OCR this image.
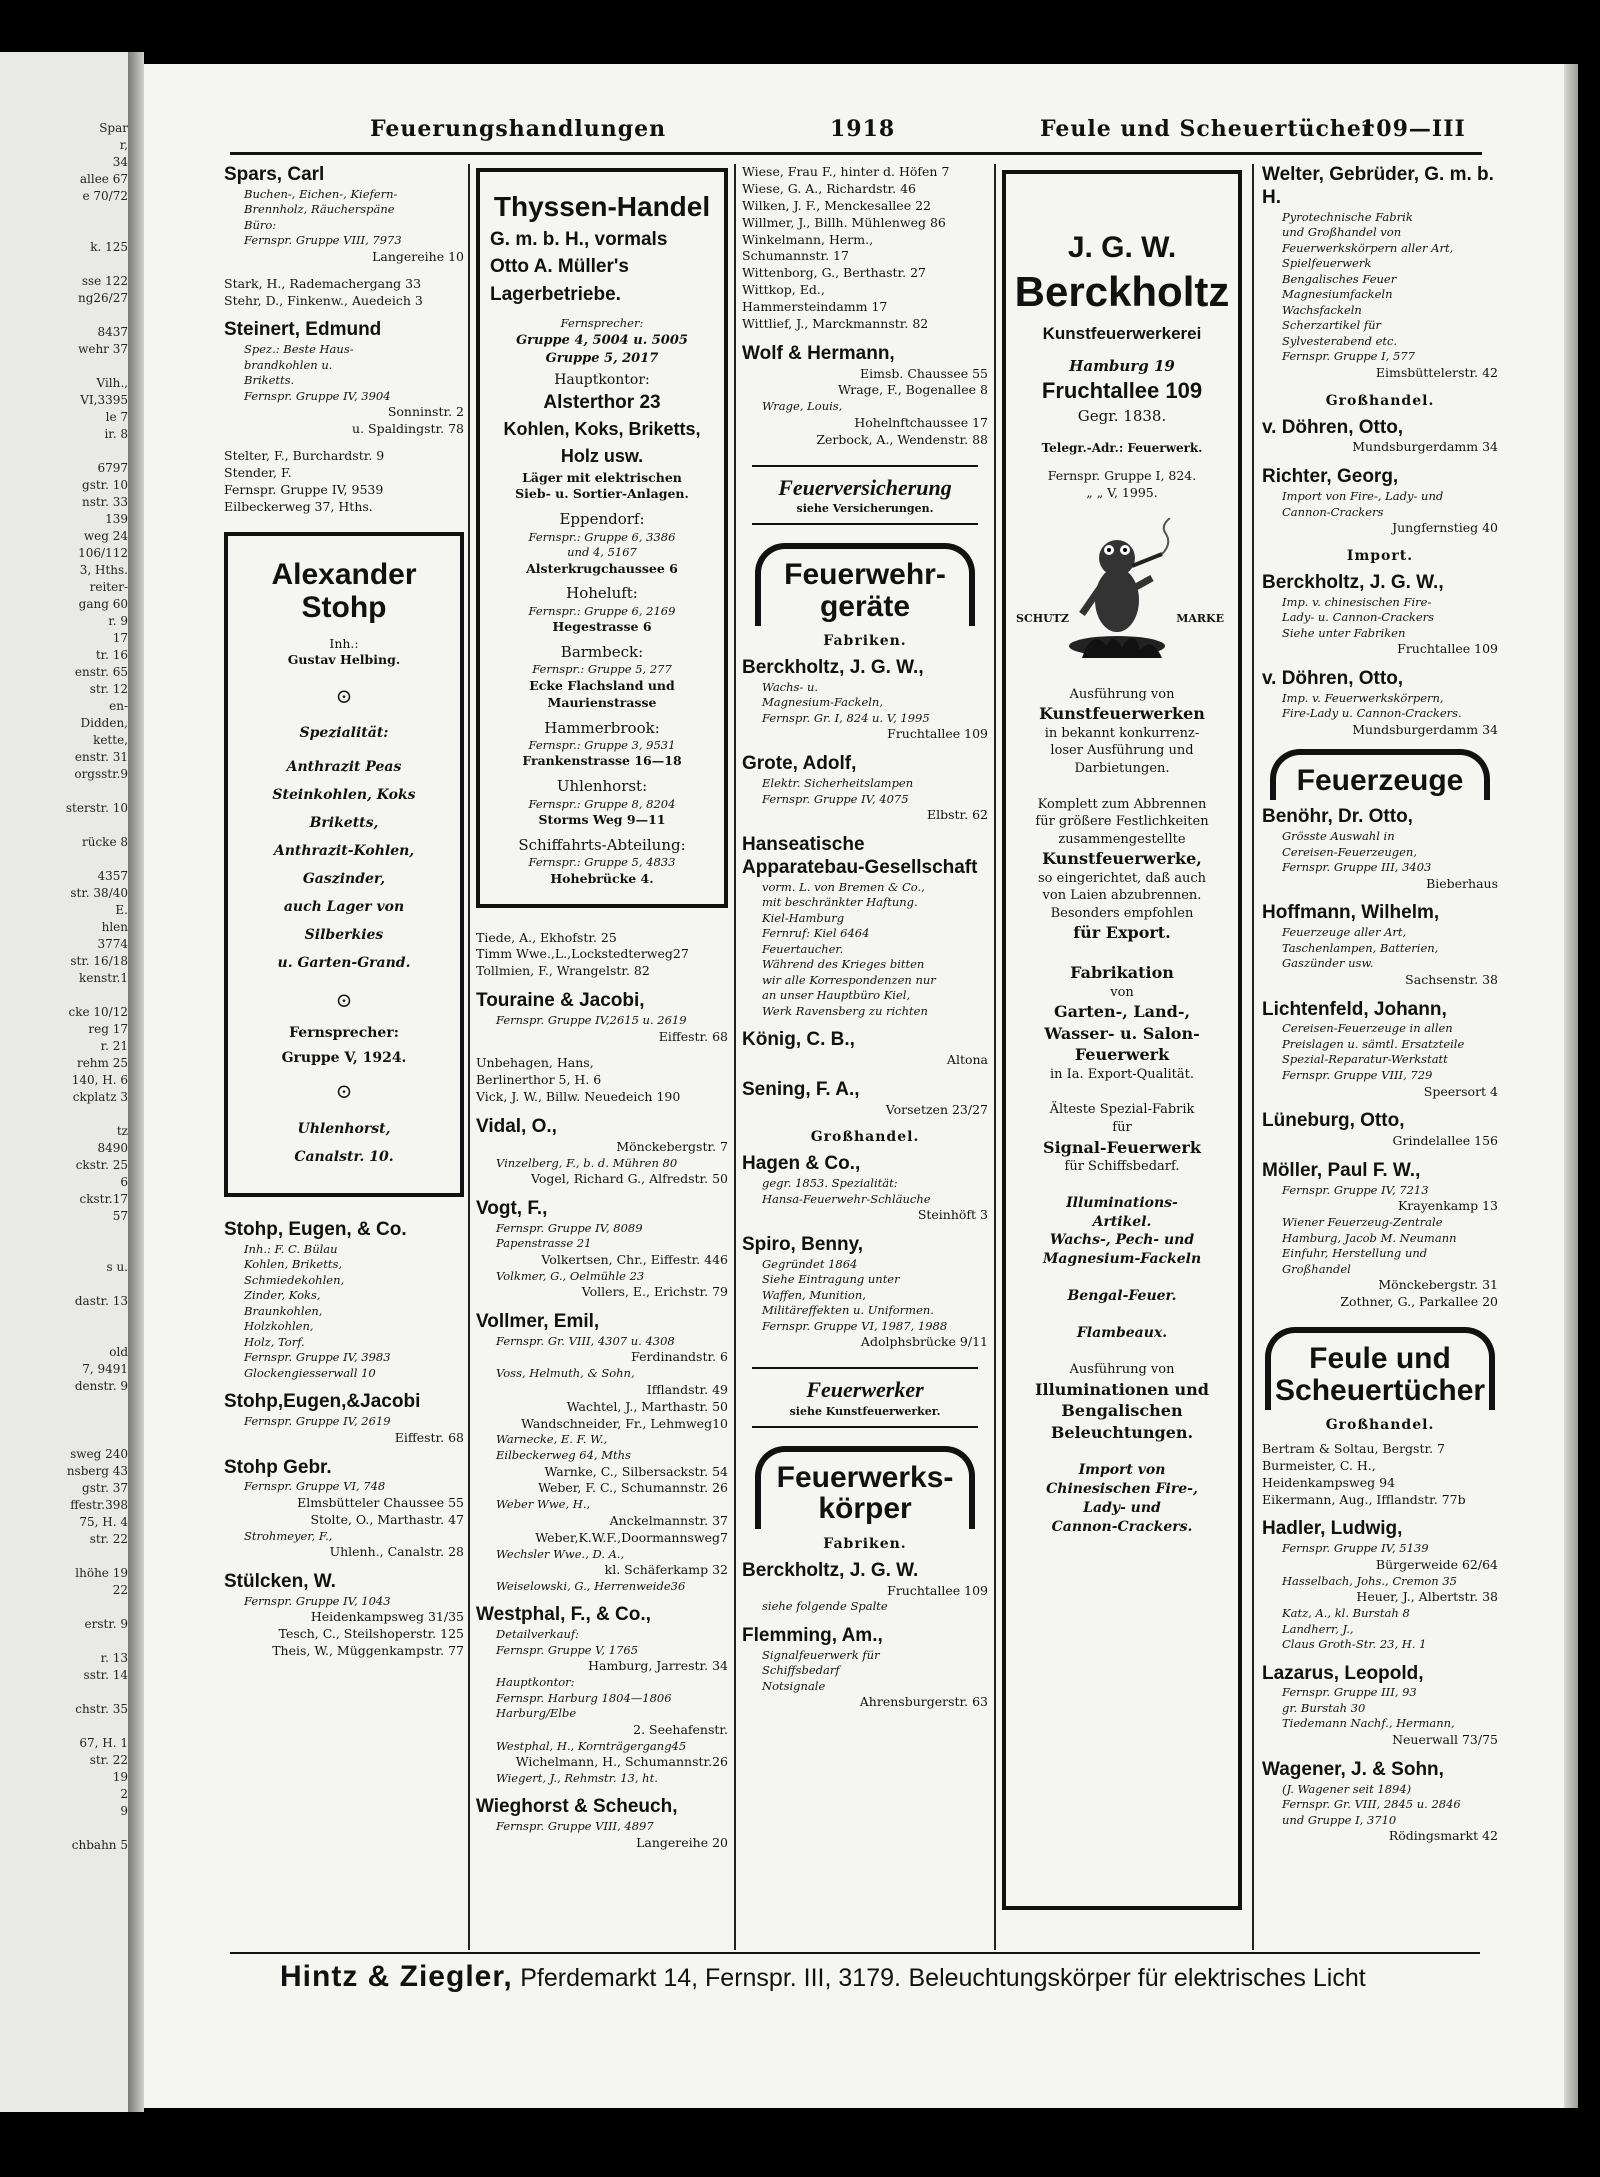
Spar
r,
34
allee 67
e 70/72
k. 125
sse 122
ng26/27
8437
wehr 37
Vilh.,
VI,3395
le 7
ir. 8
6797
gstr. 10
nstr. 33
139
weg 24
106/112
3, Hths.
reiter-
gang 60
r. 9
17
tr. 16
enstr. 65
str. 12
en-
Didden,
kette,
enstr. 31
orgsstr.9
sterstr. 10
rücke 8
4357
str. 38/40
E.
hlen
3774
str. 16/18
kenstr.1
cke 10/12
reg 17
r. 21
rehm 25
140, H. 6
ckplatz 3
tz
8490
ckstr. 25
6
ckstr.17
57
s u.
dastr. 13
old
7, 9491
denstr. 9
sweg 240
nsberg 43
gstr. 37
ffestr.398
75, H. 4
str. 22
lhöhe 19
22
erstr. 9
r. 13
sstr. 14
chstr. 35
67, H. 1
str. 22
19
2
9
chbahn 5
Feuerungshandlungen	1918	Feule und Scheuertücher
109—III
Spars, Carl
Buchen-, Eichen-, Kiefern-
Brennholz, Räucherspäne
Büro:
Fernspr. Gruppe VIII, 7973
Langereihe 10
Stark, H., Rademachergang 33
Stehr, D., Finkenw., Auedeich 3
Steinert, Edmund
Spez.: Beste Haus-
brandkohlen u.
Briketts.
Fernspr. Gruppe IV, 3904
Sonninstr. 2
u. Spaldingstr. 78
Stelter, F., Burchardstr. 9
Stender, F.
Fernspr. Gruppe IV, 9539
Eilbeckerweg 37, Hths.
Alexander Stohp
Inh.:
Gustav Helbing.
⊙
Spezialität:
Anthrazit Peas
Steinkohlen, Koks
Briketts,
Anthrazit-Kohlen,
Gaszinder,
auch Lager von
Silberkies
u. Garten-Grand.
⊙
Fernsprecher:
Gruppe V, 1924.
⊙
Uhlenhorst,
Canalstr. 10.
Stohp, Eugen, & Co.
Inh.: F. C. Bülau
Kohlen, Briketts,
Schmiedekohlen,
Zinder, Koks,
Braunkohlen,
Holzkohlen,
Holz, Torf.
Fernspr. Gruppe IV, 3983
Glockengiesserwall 10
Stohp,Eugen,&Jacobi
Fernspr. Gruppe IV, 2619
Eiffestr. 68
Stohp Gebr.
Fernspr. Gruppe VI, 748
Elmsbütteler Chaussee 55
Stolte, O., Marthastr. 47
Strohmeyer, F.,
Uhlenh., Canalstr. 28
Stülcken, W.
Fernspr. Gruppe IV, 1043
Heidenkampsweg 31/35
Tesch, C., Steilshoperstr. 125
Theis, W., Müggenkampstr. 77
Thyssen-Handel
G. m. b. H., vormals
Otto A. Müller's
Lagerbetriebe.
Fernsprecher:
Gruppe 4, 5004 u. 5005
Gruppe 5, 2017
Hauptkontor:
Alsterthor 23
Kohlen, Koks, Briketts,
Holz usw.
Läger mit elektrischen
Sieb- u. Sortier-Anlagen.
Eppendorf:
Fernspr.: Gruppe 6, 3386
und 4, 5167
Alsterkrugchaussee 6
Hoheluft:
Fernspr.: Gruppe 6, 2169
Hegestrasse 6
Barmbeck:
Fernspr.: Gruppe 5, 277
Ecke Flachsland und Maurienstrasse
Hammerbrook:
Fernspr.: Gruppe 3, 9531
Frankenstrasse 16—18
Uhlenhorst:
Fernspr.: Gruppe 8, 8204
Storms Weg 9—11
Schiffahrts-Abteilung:
Fernspr.: Gruppe 5, 4833
Hohebrücke 4.
Tiede, A., Ekhofstr. 25
Timm Wwe.,L.,Lockstedterweg27
Tollmien, F., Wrangelstr. 82
Touraine & Jacobi,
Fernspr. Gruppe IV,2615 u. 2619
Eiffestr. 68
Unbehagen, Hans,
Berlinerthor 5, H. 6
Vick, J. W., Billw. Neuedeich 190
Vidal, O.,
Mönckebergstr. 7
Vinzelberg, F., b. d. Mühren 80
Vogel, Richard G., Alfredstr. 50
Vogt, F.,
Fernspr. Gruppe IV, 8089
Papenstrasse 21
Volkertsen, Chr., Eiffestr. 446
Volkmer, G., Oelmühle 23
Vollers, E., Erichstr. 79
Vollmer, Emil,
Fernspr. Gr. VIII, 4307 u. 4308
Ferdinandstr. 6
Voss, Helmuth, & Sohn,
Ifflandstr. 49
Wachtel, J., Marthastr. 50
Wandschneider, Fr., Lehmweg10
Warnecke, E. F. W.,
Eilbeckerweg 64, Mths
Warnke, C., Silbersackstr. 54
Weber, F. C., Schumannstr. 26
Weber Wwe, H.,
Anckelmannstr. 37
Weber,K.W.F.,Doormannsweg7
Wechsler Wwe., D. A.,
kl. Schäferkamp 32
Weiselowski, G., Herrenweide36
Westphal, F., & Co.,
Detailverkauf:
Fernspr. Gruppe V, 1765
Hamburg, Jarrestr. 34
Hauptkontor:
Fernspr. Harburg 1804—1806
Harburg/Elbe
2. Seehafenstr.
Westphal, H., Kornträgergang45
Wichelmann, H., Schumannstr.26
Wiegert, J., Rehmstr. 13, ht.
Wieghorst & Scheuch,
Fernspr. Gruppe VIII, 4897
Langereihe 20
Wiese, Frau F., hinter d. Höfen 7
Wiese, G. A., Richardstr. 46
Wilken, J. F., Menckesallee 22
Willmer, J., Billh. Mühlenweg 86
Winkelmann, Herm.,
Schumannstr. 17
Wittenborg, G., Berthastr. 27
Wittkop, Ed.,
Hammersteindamm 17
Wittlief, J., Marckmannstr. 82
Wolf & Hermann,
Eimsb. Chaussee 55
Wrage, F., Bogenallee 8
Wrage, Louis,
Hohelnftchaussee 17
Zerbock, A., Wendenstr. 88
Feuerversicherung
siehe Versicherungen.
Feuerwehr- geräte
Fabriken.
Berckholtz, J. G. W.,
Wachs- u.
Magnesium-Fackeln,
Fernspr. Gr. I, 824 u. V, 1995
Fruchtallee 109
Grote, Adolf,
Elektr. Sicherheitslampen
Fernspr. Gruppe IV, 4075
Elbstr. 62
Hanseatische Apparatebau-Gesellschaft
vorm. L. von Bremen & Co.,
mit beschränkter Haftung.
Kiel-Hamburg
Fernruf: Kiel 6464
Feuertaucher.
Während des Krieges bitten
wir alle Korrespondenzen nur
an unser Hauptbüro Kiel,
Werk Ravensberg zu richten
König, C. B.,
Altona
Sening, F. A.,
Vorsetzen 23/27
Großhandel.
Hagen & Co.,
gegr. 1853. Spezialität:
Hansa-Feuerwehr-Schläuche
Steinhöft 3
Spiro, Benny,
Gegründet 1864
Siehe Eintragung unter
Waffen, Munition,
Militäreffekten u. Uniformen.
Fernspr. Gruppe VI, 1987, 1988
Adolphsbrücke 9/11
Feuerwerker
siehe Kunstfeuerwerker.
Feuerwerks- körper
Fabriken.
Berckholtz, J. G. W.
Fruchtallee 109
siehe folgende Spalte
Flemming, Am.,
Signalfeuerwerk für
Schiffsbedarf
Notsignale
Ahrensburgerstr. 63
J. G. W.
Berckholtz
Kunstfeuerwerkerei
Hamburg 19
Fruchtallee 109
Gegr. 1838.
Telegr.-Adr.: Feuerwerk.
Fernspr. Gruppe I, 824.
„ „ V, 1995.
SCHUTZ	MARKE
Ausführung von
Kunstfeuerwerken
in bekannt konkurrenz-
loser Ausführung und
Darbietungen.
Komplett zum Abbrennen
für größere Festlichkeiten
zusammengestellte
Kunstfeuerwerke,
so eingerichtet, daß auch
von Laien abzubrennen.
Besonders empfohlen
für Export.
Fabrikation
von
Garten-, Land-,
Wasser- u. Salon-
Feuerwerk
in Ia. Export-Qualität.
Älteste Spezial-Fabrik
für
Signal-Feuerwerk
für Schiffsbedarf.
Illuminations-
Artikel.
Wachs-, Pech- und
Magnesium-Fackeln
Bengal-Feuer.
Flambeaux.
Ausführung von
Illuminationen und
Bengalischen
Beleuchtungen.
Import von
Chinesischen Fire-,
Lady- und
Cannon-Crackers.
Welter, Gebrüder, G. m. b. H.
Pyrotechnische Fabrik
und Großhandel von
Feuerwerkskörpern aller Art,
Spielfeuerwerk
Bengalisches Feuer
Magnesiumfackeln
Wachsfackeln
Scherzartikel für
Sylvesterabend etc.
Fernspr. Gruppe I, 577
Eimsbüttelerstr. 42
Großhandel.
v. Döhren, Otto,
Mundsburgerdamm 34
Richter, Georg,
Import von Fire-, Lady- und
Cannon-Crackers
Jungfernstieg 40
Import.
Berckholtz, J. G. W.,
Imp. v. chinesischen Fire-
Lady- u. Cannon-Crackers
Siehe unter Fabriken
Fruchtallee 109
v. Döhren, Otto,
Imp. v. Feuerwerkskörpern,
Fire-Lady u. Cannon-Crackers.
Mundsburgerdamm 34
Feuerzeuge
Benöhr, Dr. Otto,
Grösste Auswahl in
Cereisen-Feuerzeugen,
Fernspr. Gruppe III, 3403
Bieberhaus
Hoffmann, Wilhelm,
Feuerzeuge aller Art,
Taschenlampen, Batterien,
Gaszünder usw.
Sachsenstr. 38
Lichtenfeld, Johann,
Cereisen-Feuerzeuge in allen
Preislagen u. sämtl. Ersatzteile
Spezial-Reparatur-Werkstatt
Fernspr. Gruppe VIII, 729
Speersort 4
Lüneburg, Otto,
Grindelallee 156
Möller, Paul F. W.,
Fernspr. Gruppe IV, 7213
Krayenkamp 13
Wiener Feuerzeug-Zentrale
Hamburg, Jacob M. Neumann
Einfuhr, Herstellung und
Großhandel
Mönckebergstr. 31
Zothner, G., Parkallee 20
Feule und Scheuertücher
Großhandel.
Bertram & Soltau, Bergstr. 7
Burmeister, C. H.,
Heidenkampsweg 94
Eikermann, Aug., Ifflandstr. 77b
Hadler, Ludwig,
Fernspr. Gruppe IV, 5139
Bürgerweide 62/64
Hasselbach, Johs., Cremon 35
Heuer, J., Albertstr. 38
Katz, A., kl. Burstah 8
Landherr, J.,
Claus Groth-Str. 23, H. 1
Lazarus, Leopold,
Fernspr. Gruppe III, 93
gr. Burstah 30
Tiedemann Nachf., Hermann,
Neuerwall 73/75
Wagener, J. & Sohn,
(J. Wagener seit 1894)
Fernspr. Gr. VIII, 2845 u. 2846
und Gruppe I, 3710
Rödingsmarkt 42
Hintz & Ziegler, Pferdemarkt 14, Fernspr. III, 3179. Beleuchtungskörper für elektrisches Licht
